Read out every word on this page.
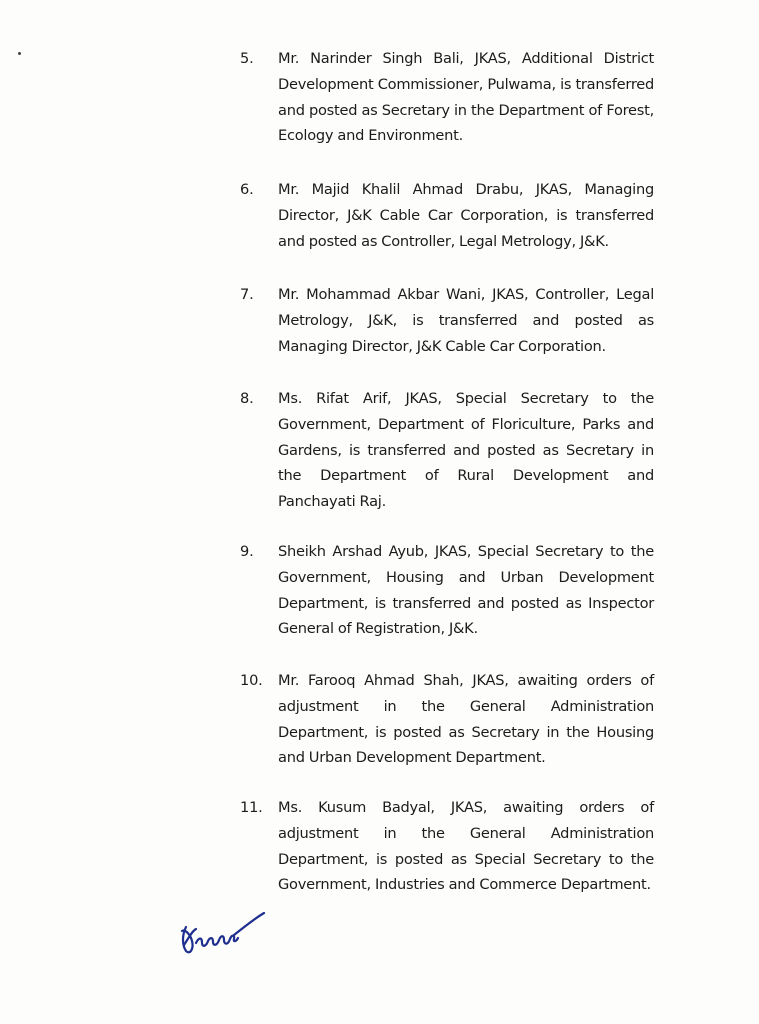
5.	Mr. Narinder Singh Bali, JKAS, Additional District
Development Commissioner, Pulwama, is transferred
and posted as Secretary in the Department of Forest,
Ecology and Environment.
6.	Mr. Majid Khalil Ahmad Drabu, JKAS, Managing
Director, J&K Cable Car Corporation, is transferred
and posted as Controller, Legal Metrology, J&K.
7.	Mr. Mohammad Akbar Wani, JKAS, Controller, Legal
Metrology, J&K, is transferred and posted as
Managing Director, J&K Cable Car Corporation.
8.	Ms. Rifat Arif, JKAS, Special Secretary to the
Government, Department of Floriculture, Parks and
Gardens, is transferred and posted as Secretary in
the Department of Rural Development and
Panchayati Raj.
9.	Sheikh Arshad Ayub, JKAS, Special Secretary to the
Government, Housing and Urban Development
Department, is transferred and posted as Inspector
General of Registration, J&K.
10.	Mr. Farooq Ahmad Shah, JKAS, awaiting orders of
adjustment in the General Administration
Department, is posted as Secretary in the Housing
and Urban Development Department.
11.	Ms. Kusum Badyal, JKAS, awaiting orders of
adjustment in the General Administration
Department, is posted as Special Secretary to the
Government, Industries and Commerce Department.
